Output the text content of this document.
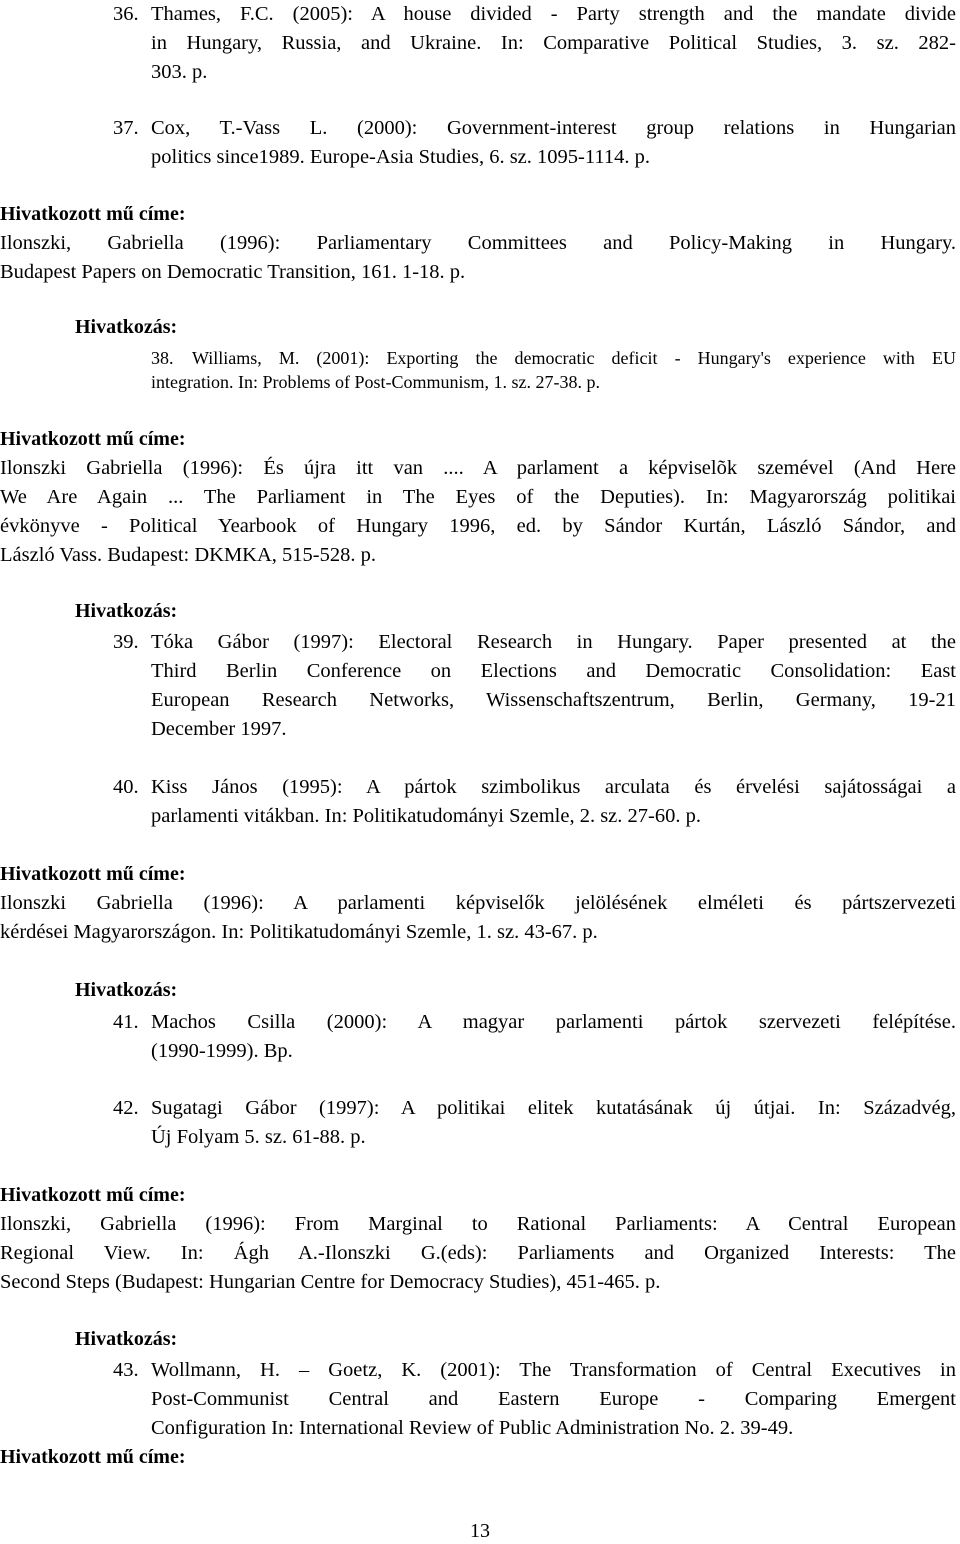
36. Thames, F.C. (2005): A house divided - Party strength and the mandate divide
in Hungary, Russia, and Ukraine. In: Comparative Political Studies, 3. sz. 282-
303. p.
37. Cox, T.-Vass L. (2000): Government-interest group relations in Hungarian
politics since1989. Europe-Asia Studies, 6. sz. 1095-1114. p.
Hivatkozott mű címe:
Ilonszki, Gabriella (1996): Parliamentary Committees and Policy-Making in Hungary.
Budapest Papers on Democratic Transition, 161. 1-18. p.
Hivatkozás:
38. Williams, M. (2001): Exporting the democratic deficit - Hungary's experience with EU
integration. In: Problems of Post-Communism, 1. sz. 27-38. p.
Hivatkozott mű címe:
Ilonszki Gabriella (1996): És újra itt van .... A parlament a képviselõk szemével (And Here
We Are Again ... The Parliament in The Eyes of the Deputies). In: Magyarország politikai
évkönyve - Political Yearbook of Hungary 1996, ed. by Sándor Kurtán, László Sándor, and
László Vass. Budapest: DKMKA, 515-528. p.
Hivatkozás:
39. Tóka Gábor (1997): Electoral Research in Hungary. Paper presented at the
Third Berlin Conference on Elections and Democratic Consolidation: East
European Research Networks, Wissenschaftszentrum, Berlin, Germany, 19-21
December 1997.
40. Kiss János (1995): A pártok szimbolikus arculata és érvelési sajátosságai a
parlamenti vitákban. In: Politikatudományi Szemle, 2. sz. 27-60. p.
Hivatkozott mű címe:
Ilonszki Gabriella (1996): A parlamenti képviselők jelölésének elméleti és pártszervezeti
kérdései Magyarországon. In: Politikatudományi Szemle, 1. sz. 43-67. p.
Hivatkozás:
41. Machos Csilla (2000): A magyar parlamenti pártok szervezeti felépítése.
(1990-1999). Bp.
42. Sugatagi Gábor (1997): A politikai elitek kutatásának új útjai. In: Századvég,
Új Folyam 5. sz. 61-88. p.
Hivatkozott mű címe:
Ilonszki, Gabriella (1996): From Marginal to Rational Parliaments: A Central European
Regional View. In: Ágh A.-Ilonszki G.(eds): Parliaments and Organized Interests: The
Second Steps (Budapest: Hungarian Centre for Democracy Studies), 451-465. p.
Hivatkozás:
43. Wollmann, H. – Goetz, K. (2001): The Transformation of Central Executives in
Post-Communist Central and Eastern Europe - Comparing Emergent
Configuration In: International Review of Public Administration No. 2. 39-49.
Hivatkozott mű címe:
13
